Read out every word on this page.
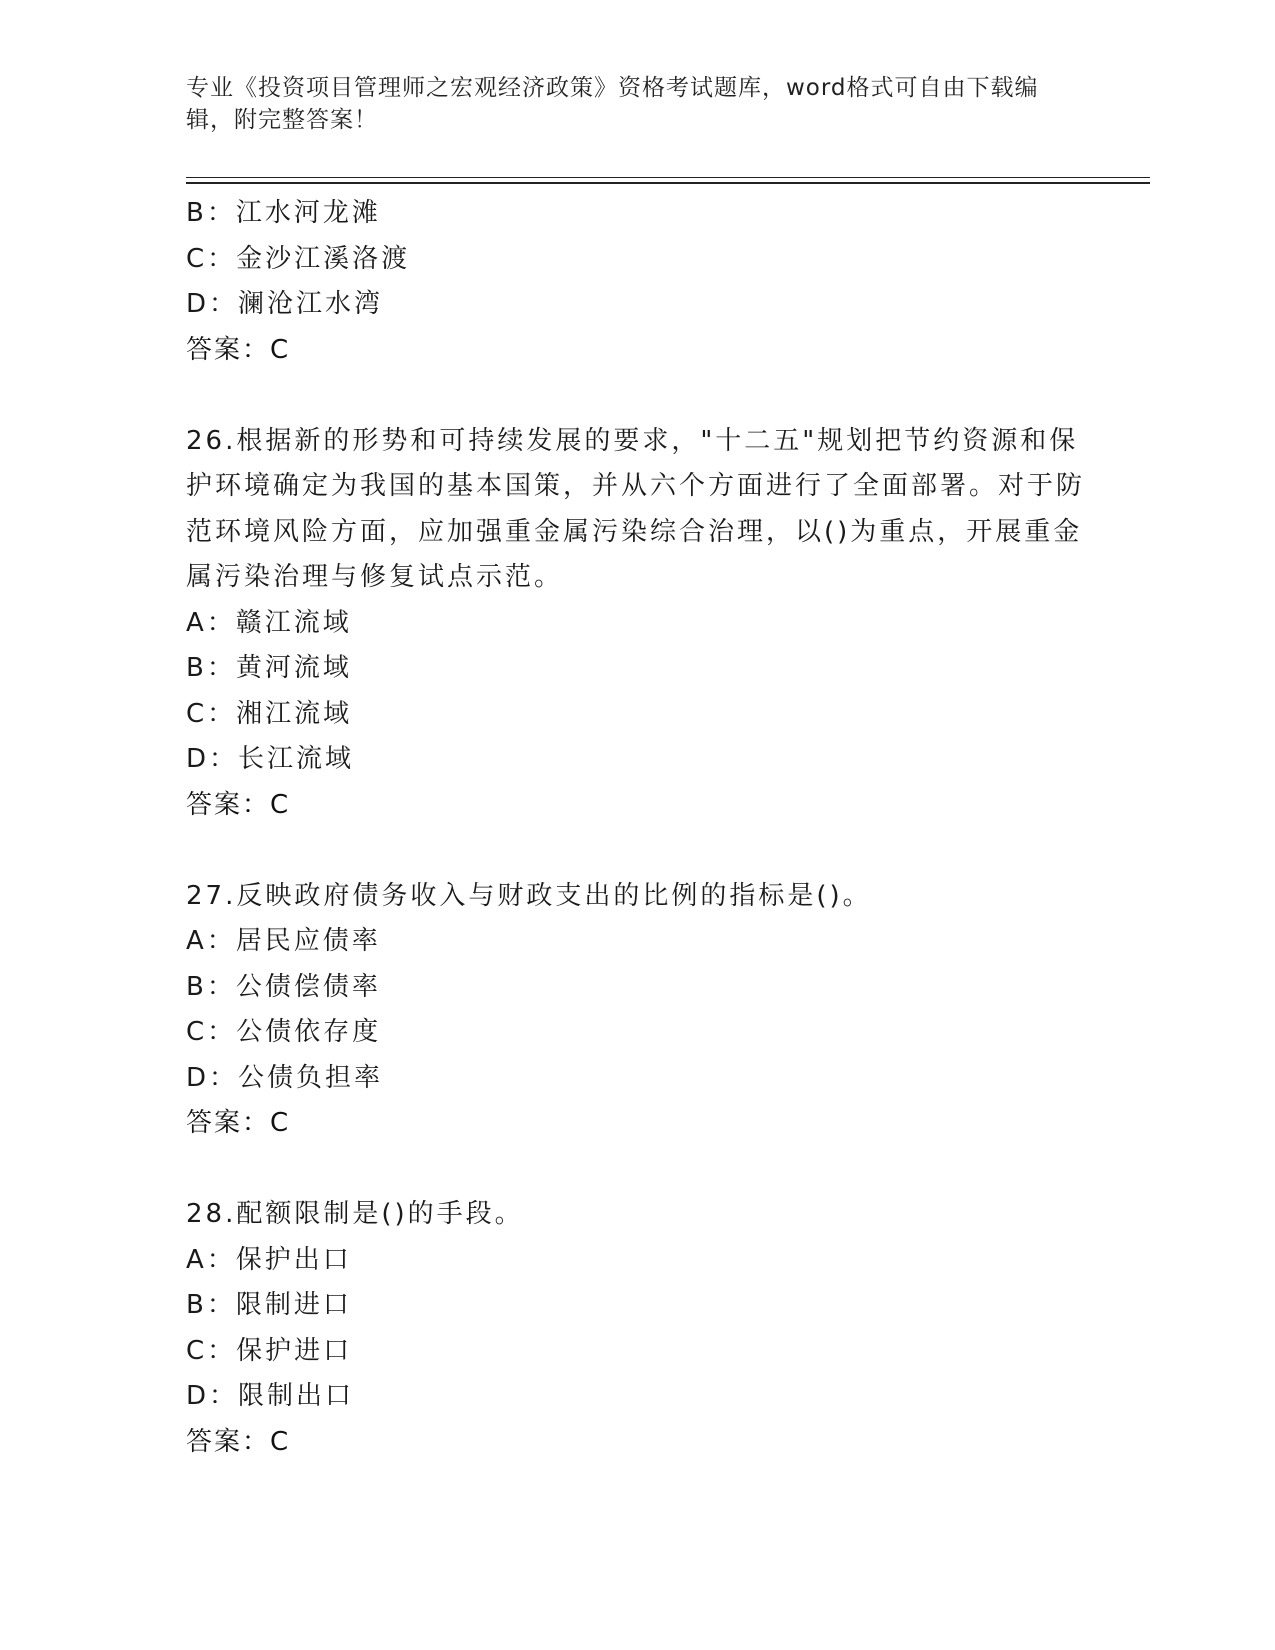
专业《投资项目管理师之宏观经济政策》资格考试题库，word格式可自由下载编辑，附完整答案！
B：江水河龙滩
C：金沙江溪洛渡
D：澜沧江水湾
答案：C
26.根据新的形势和可持续发展的要求，"十二五"规划把节约资源和保护环境确定为我国的基本国策，并从六个方面进行了全面部署。对于防范环境风险方面，应加强重金属污染综合治理，以()为重点，开展重金属污染治理与修复试点示范。
A：赣江流域
B：黄河流域
C：湘江流域
D：长江流域
答案：C
27.反映政府债务收入与财政支出的比例的指标是()。
A：居民应债率
B：公债偿债率
C：公债依存度
D：公债负担率
答案：C
28.配额限制是()的手段。
A：保护出口
B：限制进口
C：保护进口
D：限制出口
答案：C
